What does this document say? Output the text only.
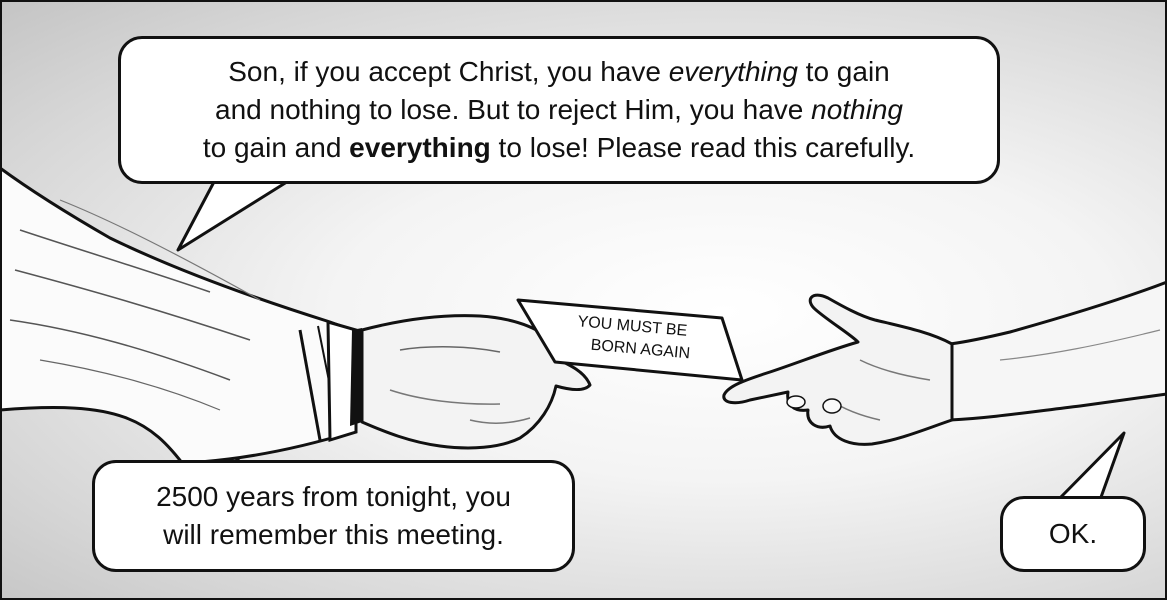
YOU MUST BE
BORN AGAIN
Son, if you accept Christ, you have everything to gain
and nothing to lose. But to reject Him, you have nothing
to gain and everything to lose! Please read this carefully.
2500 years from tonight, you
will remember this meeting.	OK.
